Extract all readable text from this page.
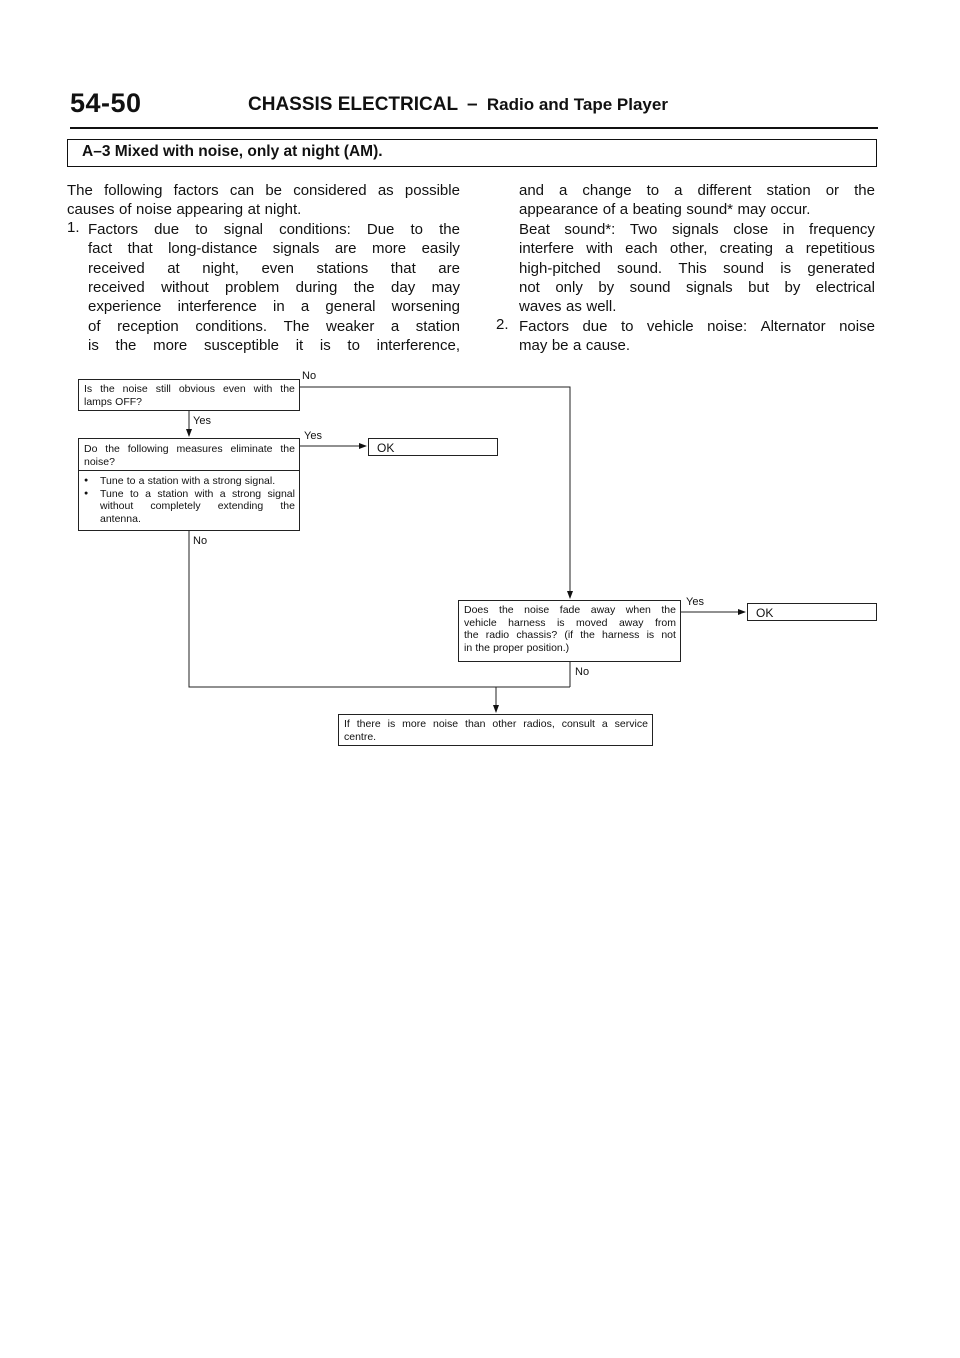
54-50	CHASSIS ELECTRICAL – Radio and Tape Player
A–3 Mixed with noise, only at night (AM).
The following factors can be considered as possible
causes of noise appearing at night.
Factors due to signal conditions: Due to the
fact that long-distance signals are more easily
received at night, even stations that are
received without problem during the day may
experience interference in a general worsening
of reception conditions. The weaker a station
is the more susceptible it is to interference,
1.
and a change to a different station or the
appearance of a beating sound* may occur.
Beat sound*: Two signals close in frequency
interfere with each other, creating a repetitious
high-pitched sound. This sound is generated
not only by sound signals but by electrical
waves as well.
Factors due to vehicle noise: Alternator noise
may be a cause.
2.
Is the noise still obvious even with the
lamps OFF?
No
Yes
Do the following measures eliminate the
noise?
● Tune to a station with a strong signal.
● Tune to a station with a strong signal
without completely extending the
antenna.
Yes
No
OK
Does the noise fade away when the
vehicle harness is moved away from
the radio chassis? (if the harness is not
in the proper position.)
Yes
No
OK
If there is more noise than other radios, consult a service
centre.
